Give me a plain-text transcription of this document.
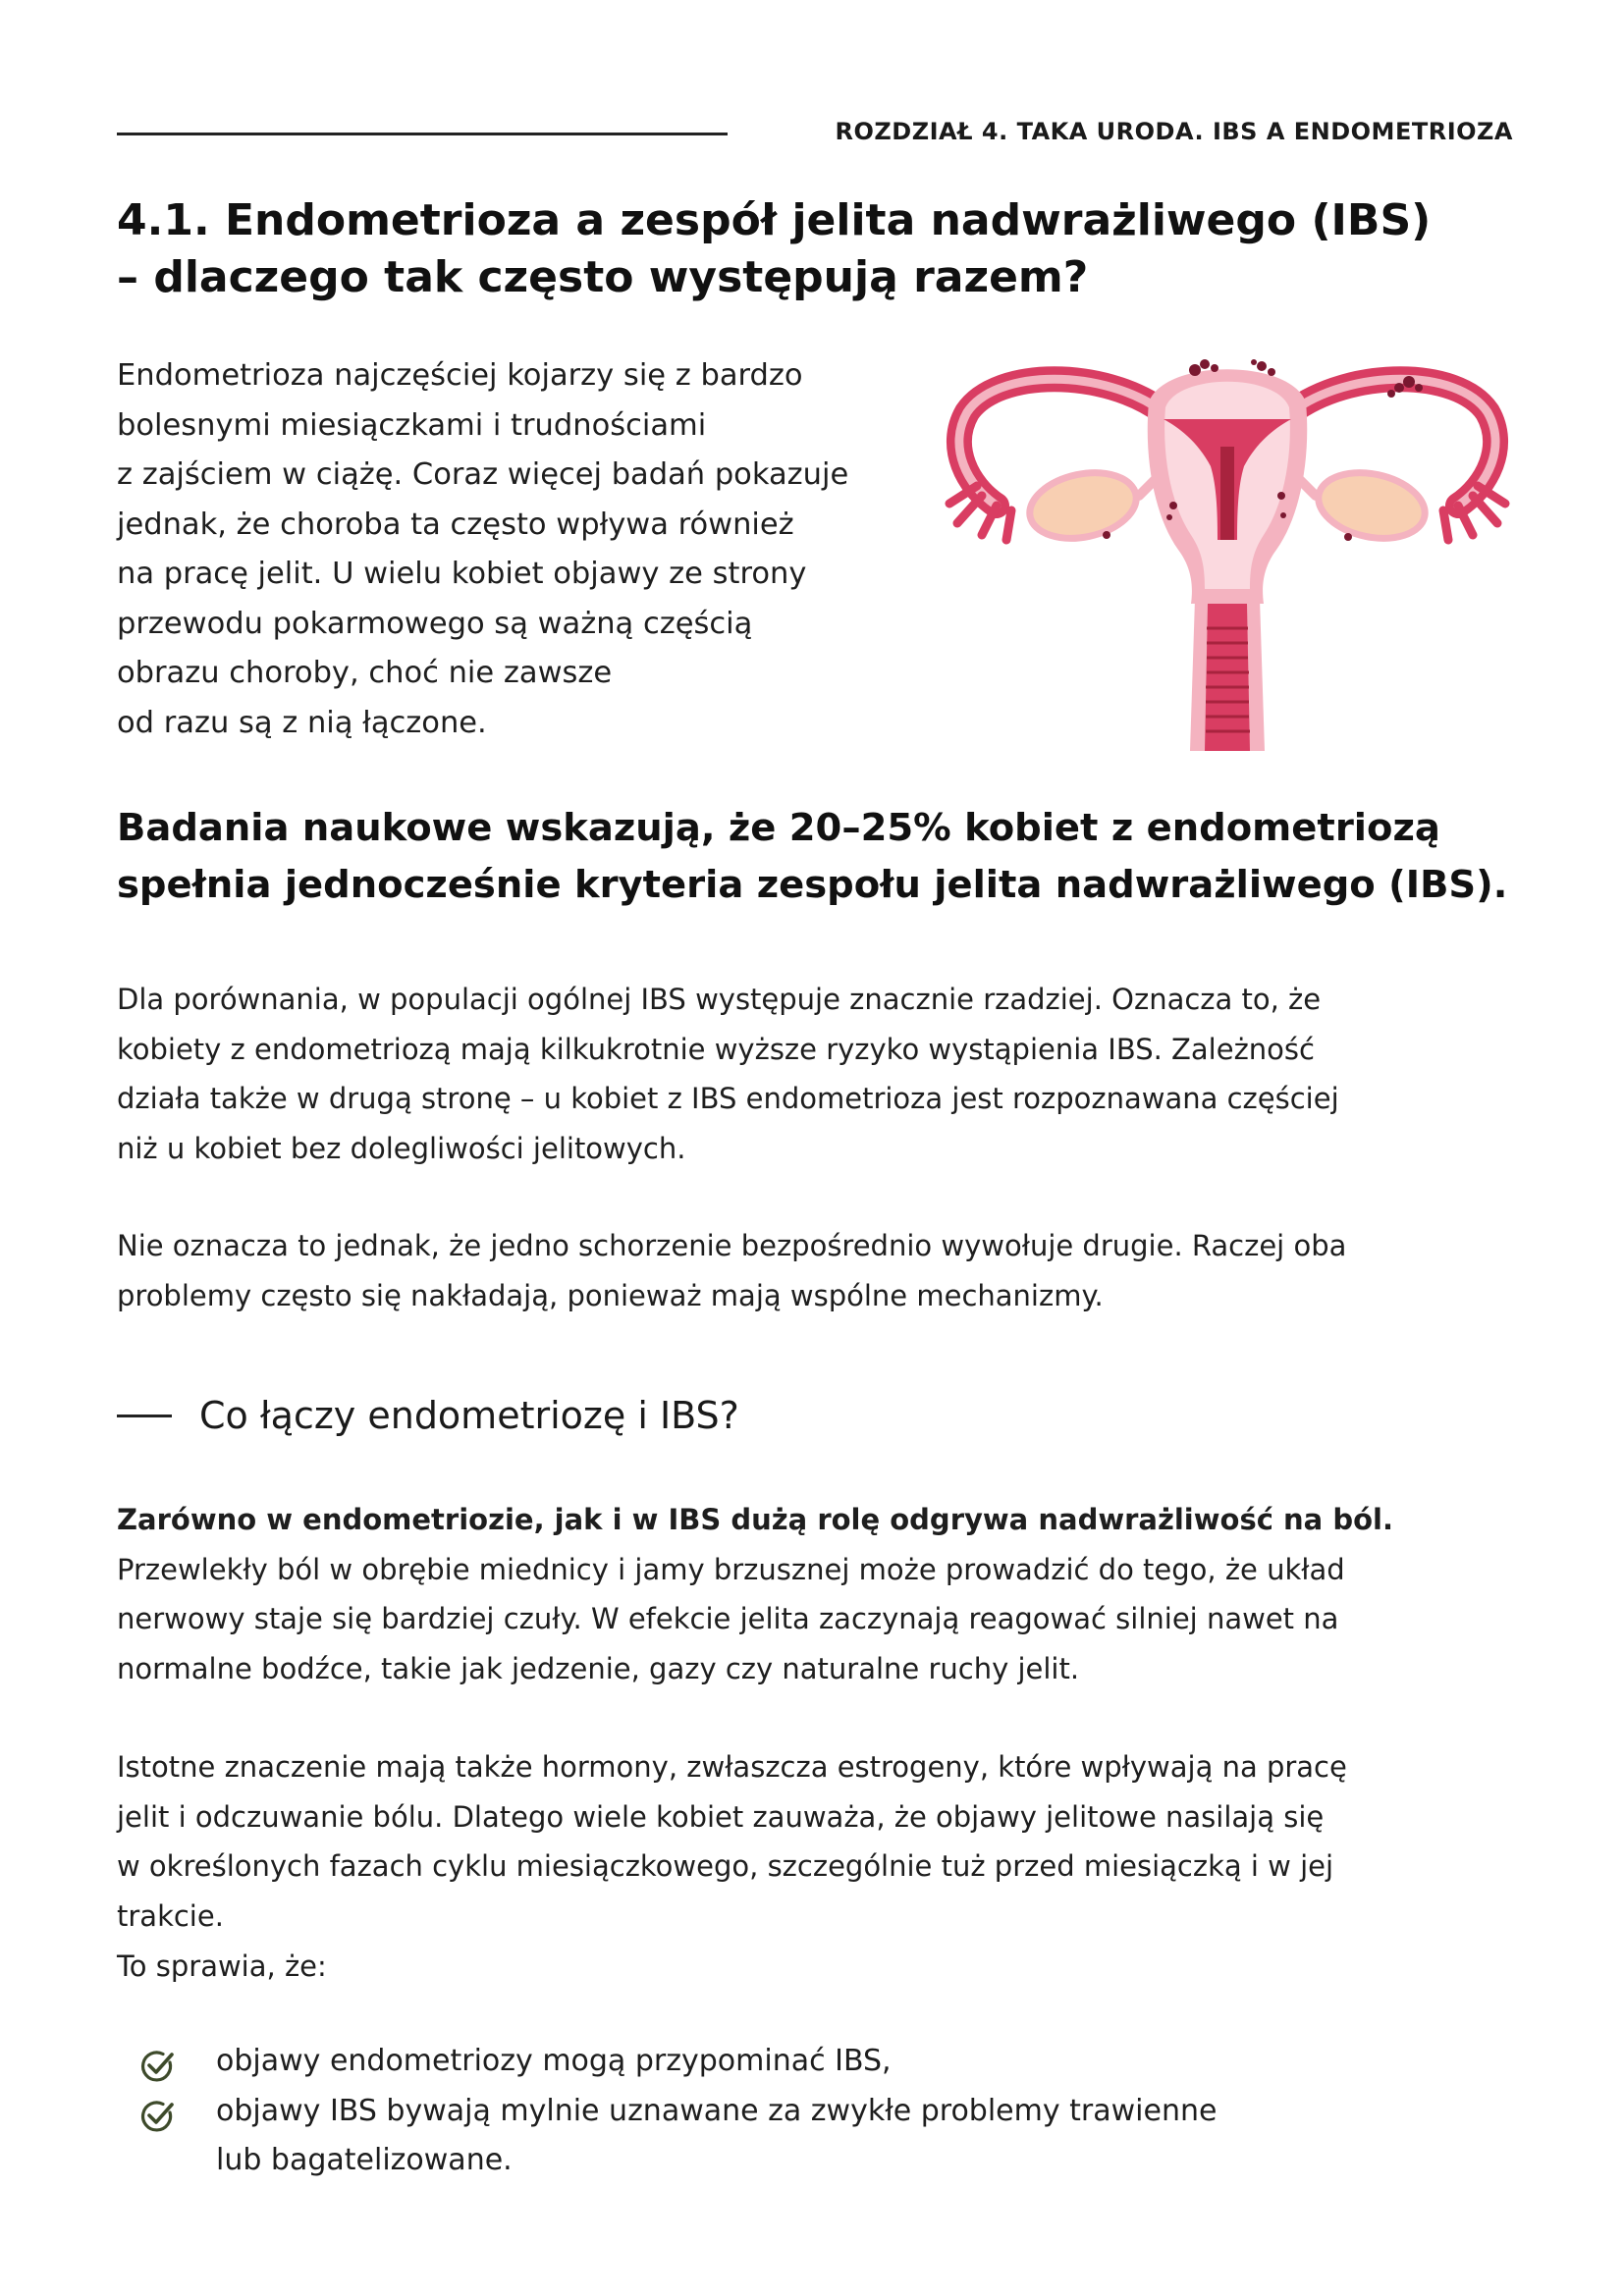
ROZDZIAŁ 4. TAKA URODA. IBS A ENDOMETRIOZA
4.1. Endometrioza a zespół jelita nadwrażliwego (IBS)
– dlaczego tak często występują razem?

Endometrioza najczęściej kojarzy się z bardzo
bolesnymi miesiączkami i trudnościami
z zajściem w ciążę. Coraz więcej badań pokazuje
jednak, że choroba ta często wpływa również
na pracę jelit. U wielu kobiet objawy ze strony
przewodu pokarmowego są ważną częścią
obrazu choroby, choć nie zawsze
od razu są z nią łączone.

Badania naukowe wskazują, że 20–25% kobiet z endometriozą
spełnia jednocześnie kryteria zespołu jelita nadwrażliwego (IBS).

Dla porównania, w populacji ogólnej IBS występuje znacznie rzadziej. Oznacza to, że
kobiety z endometriozą mają kilkukrotnie wyższe ryzyko wystąpienia IBS. Zależność
działa także w drugą stronę – u kobiet z IBS endometrioza jest rozpoznawana częściej
niż u kobiet bez dolegliwości jelitowych.

Nie oznacza to jednak, że jedno schorzenie bezpośrednio wywołuje drugie. Raczej oba
problemy często się nakładają, ponieważ mają wspólne mechanizmy.

Co łączy endometriozę i IBS?

Zarówno w endometriozie, jak i w IBS dużą rolę odgrywa nadwrażliwość na ból.
Przewlekły ból w obrębie miednicy i jamy brzusznej może prowadzić do tego, że układ
nerwowy staje się bardziej czuły. W efekcie jelita zaczynają reagować silniej nawet na
normalne bodźce, takie jak jedzenie, gazy czy naturalne ruchy jelit.

Istotne znaczenie mają także hormony, zwłaszcza estrogeny, które wpływają na pracę
jelit i odczuwanie bólu. Dlatego wiele kobiet zauważa, że objawy jelitowe nasilają się
w określonych fazach cyklu miesiączkowego, szczególnie tuż przed miesiączką i w jej
trakcie.

To sprawia, że:

objawy endometriozy mogą przypominać IBS,
objawy IBS bywają mylnie uznawane za zwykłe problemy trawienne
lub bagatelizowane.
